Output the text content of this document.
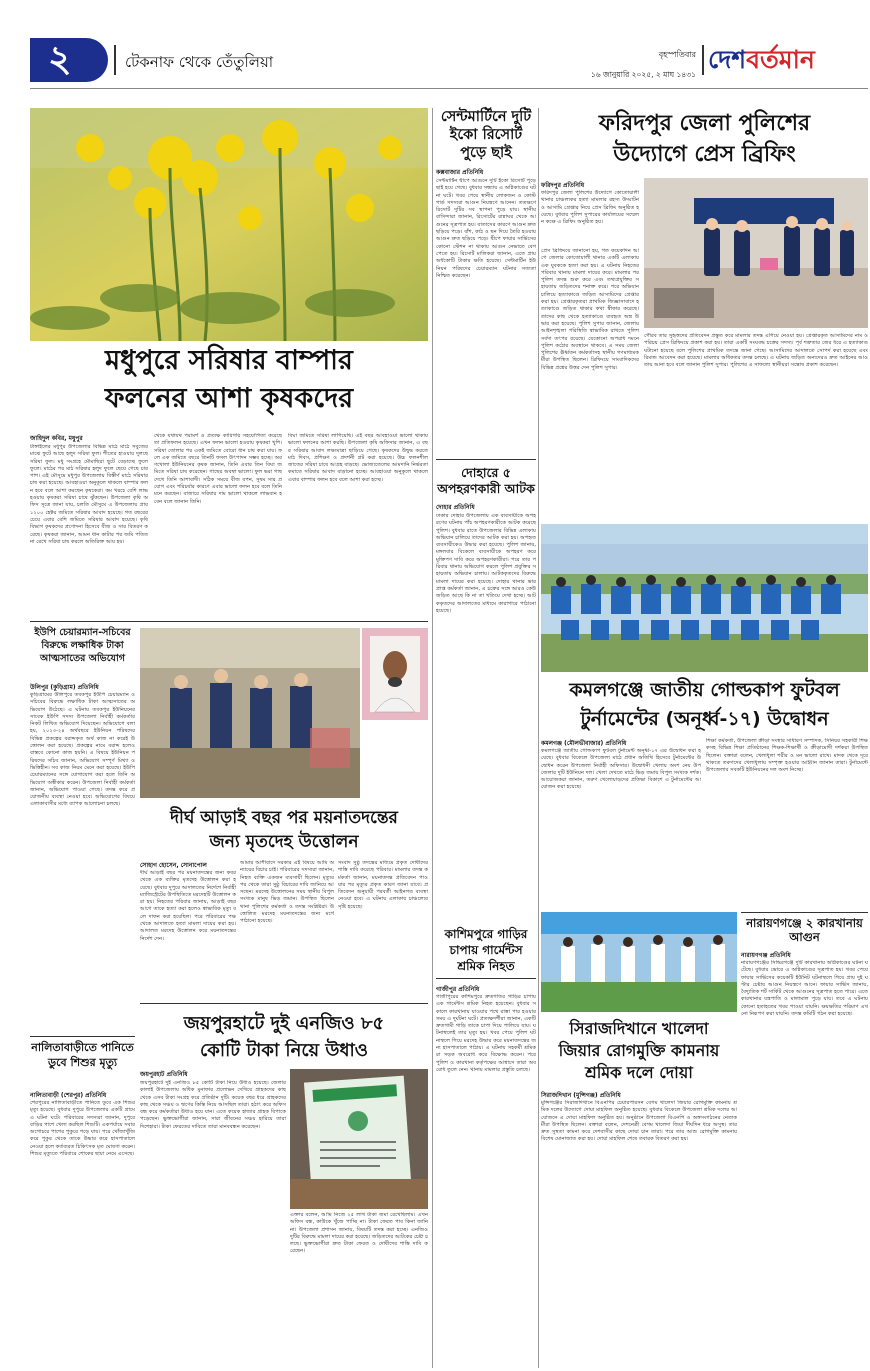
২	টেকনাফ থেকে তেঁতুলিয়া	বৃহস্পতিবার
১৬ জানুয়ারি ২০২৫, ২ মাঘ ১৪৩১
দেশবর্তমান
মধুপুরে সরিষার বাম্পার
ফলনের আশা কৃষকদের
জাহিদুল কবির, মধুপুর
টাঙ্গাইলের মধুপুর উপজেলার বিভিন্ন মাঠে মাঠে সবুজের মাঝে ফুটে আছে হলুদ সরিষা ফুল। শীতের হাওয়ায় দুলছে সরিষা ফুল। মধু সংগ্রহে মৌমাছিরা ছুটে বেড়াচ্ছে ফুলে ফুলে। মাঠের পর মাঠ সরিষার হলুদ ফুলে ছেয়ে গেছে চারপাশ। এই মৌসুমে মধুপুর উপজেলায় বিস্তীর্ণ মাঠে সরিষার চাষ করা হয়েছে। আবহাওয়া অনুকূলে থাকলে বাম্পার ফলন হবে বলে আশা করছেন কৃষকেরা। কম খরচে বেশি লাভ হওয়ায় কৃষকরা সরিষা চাষে ঝুঁকছেন। উপজেলা কৃষি অফিস সূত্রে জানা যায়, চলতি মৌসুমে এ উপজেলায় প্রায় ১২০০ হেক্টর জমিতে সরিষার আবাদ হয়েছে। গত বছরের চেয়ে এবার বেশি জমিতে সরিষার আবাদ হয়েছে। কৃষি বিভাগ কৃষকদের প্রণোদনা হিসেবে বীজ ও সার বিতরণ করেছে। কৃষকরা জানান, আমন ধান কাটার পর জমি পতিত না রেখে সরিষা চাষ করলে অতিরিক্ত আয় হয়।
থেকে যথাযথ পরামর্শ ও প্রত্যক্ষ কারিগরি সহযোগিতা করেছে তা প্রতিফলন হয়েছে। এখন ফলন ভালো হওয়ায় কৃষকরা খুশি। সরিষা তোলার পর একই জমিতে বোরো ধান চাষ করা যায়। ফলে এক জমিতে বছরে তিনটি ফসল উৎপাদন সম্ভব হচ্ছে। অরণখোলা ইউনিয়নের কৃষক জানান, তিনি এবার তিন বিঘা জমিতে সরিষা চাষ করেছেন। গাছের অবস্থা ভালো। ফুল ভরা গাছ দেখে তিনি আশাবাদী। সঠিক সময়ে বীজ বপন, সুষম সার প্রয়োগ এবং পরিচর্যার কারণে এবার ভালো ফলন হবে বলে তিনি মনে করছেন। বাজারে সরিষার দাম ভালো থাকলে লাভবান হবেন বলে জানান তিনি।
বিঘা জমিতে সরিষা লাগিয়েছি। এই বছর আবহাওয়া ভালো থাকায় ভালো ফলনের আশা করছি। উপজেলা কৃষি অফিসার জানান, এ বছর সরিষার আবাদ লক্ষ্যমাত্রা ছাড়িয়ে গেছে। কৃষকদের উদ্বুদ্ধ করতে মাঠ দিবস, প্রশিক্ষণ ও প্রদর্শনী প্লট করা হয়েছে। উচ্চ ফলনশীল জাতের সরিষা চাষে আগ্রহ বাড়ছে। ভোজ্যতেলের আমদানি নির্ভরতা কমাতে সরিষার আবাদ বাড়ানো হচ্ছে। আবহাওয়া অনুকূলে থাকলে এবার বাম্পার ফলন হবে বলে আশা করা হচ্ছে।
সেন্টমার্টিনে দুটি ইকো রিসোর্ট পুড়ে ছাই
কক্সবাজার প্রতিনিধি
সেন্টমার্টিন দ্বীপে আগুনে দুটি ইকো রিসোর্ট পুড়ে ছাই হয়ে গেছে। বুধবার সন্ধ্যায় এ অগ্নিকাণ্ডের ঘটনা ঘটে। খবর পেয়ে স্থানীয় লোকজন ও কোস্ট গার্ড সদস্যরা আগুন নিয়ন্ত্রণে আনেন। ততক্ষণে রিসোর্ট দুটির সব স্থাপনা পুড়ে যায়। স্থানীয় বাসিন্দারা জানান, রিসোর্টের রান্নাঘর থেকে আগুনের সূত্রপাত হয়। বাতাসের কারণে আগুন দ্রুত ছড়িয়ে পড়ে। বাঁশ, কাঠ ও ছন দিয়ে তৈরি হওয়ায় আগুন দ্রুত ছড়িয়ে পড়ে। দ্বীপে ফায়ার সার্ভিসের কোনো স্টেশন না থাকায় আগুন নেভাতে বেগ পেতে হয়। রিসোর্ট মালিকরা জানান, এতে প্রায় অর্ধকোটি টাকার ক্ষতি হয়েছে। সেন্টমার্টিন ইউনিয়ন পরিষদের চেয়ারম্যান ঘটনার সত্যতা নিশ্চিত করেছেন।
দোহারে ৫ অপহরণকারী আটক
দোহার প্রতিনিধি
ঢাকার দোহার উপজেলায় এক ব্যবসায়ীকে অপহরণের ঘটনায় পাঁচ অপহরণকারীকে আটক করেছে পুলিশ। বুধবার রাতে উপজেলার বিভিন্ন এলাকায় অভিযান চালিয়ে তাদের আটক করা হয়। অপহৃত ব্যবসায়ীকেও উদ্ধার করা হয়েছে। পুলিশ জানায়, মঙ্গলবার বিকেলে ব্যবসায়ীকে অপহরণ করে মুক্তিপণ দাবি করে অপহরণকারীরা। পরে তার পরিবার থানায় অভিযোগ করলে পুলিশ প্রযুক্তির সহায়তায় অভিযান চালায়। আটককৃতদের বিরুদ্ধে মামলা দায়ের করা হয়েছে। দোহার থানার ভারপ্রাপ্ত কর্মকর্তা জানান, এ চক্রের সঙ্গে আরও কেউ জড়িত আছে কি না তা খতিয়ে দেখা হচ্ছে। আটককৃতদের আদালতের মাধ্যমে কারাগারে পাঠানো হয়েছে।
ফরিদপুর জেলা পুলিশের
উদ্যোগে প্রেস ব্রিফিং
ফরিদপুর প্রতিনিধি
ফরিদপুর জেলা পুলিশের উদ্যোগে কোতোয়ালী থানার চাঞ্চল্যকর হত্যা মামলার রহস্য উদ্ঘাটন ও আসামি গ্রেপ্তার নিয়ে প্রেস ব্রিফিং অনুষ্ঠিত হয়েছে। বুধবার পুলিশ সুপারের কার্যালয়ের সম্মেলন কক্ষে এ ব্রিফিং অনুষ্ঠিত হয়।
প্রেস ব্রিফিংয়ে জানানো হয়, গত কয়েকদিন আগে জেলার কোতোয়ালী থানার একটি এলাকায় এক যুবককে হত্যা করা হয়। এ ঘটনায় নিহতের পরিবার থানায় মামলা দায়ের করে। মামলার পর পুলিশ তদন্ত শুরু করে এবং তথ্যপ্রযুক্তির সহায়তায় জড়িতদের শনাক্ত করে। পরে অভিযান চালিয়ে হত্যাকাণ্ডে জড়িত আসামিদের গ্রেপ্তার করা হয়। গ্রেপ্তারকৃতরা প্রাথমিক জিজ্ঞাসাবাদে হত্যাকাণ্ডে জড়িত থাকার কথা স্বীকার করেছে। তাদের কাছ থেকে হত্যাকাণ্ডে ব্যবহৃত অস্ত্র উদ্ধার করা হয়েছে। পুলিশ সুপার জানান, জেলায় আইনশৃঙ্খলা পরিস্থিতি স্বাভাবিক রাখতে পুলিশ সর্বদা তৎপর রয়েছে। যেকোনো অপরাধ দমনে পুলিশ কঠোর অবস্থানে থাকবে। এ সময় জেলা পুলিশের ঊর্ধ্বতন কর্মকর্তাসহ স্থানীয় গণমাধ্যমকর্মীরা উপস্থিত ছিলেন। ব্রিফিংয়ে সাংবাদিকদের বিভিন্ন প্রশ্নের উত্তর দেন পুলিশ সুপার।
গৌরব তার সুহৃত্তদের প্রতিবেদন প্রস্তুত করে মামলার তদন্ত এগিয়ে নেওয়া হয়। গ্রেপ্তারকৃত আসামিদের নাম ও পরিচয় প্রেস ব্রিফিংয়ে প্রকাশ করা হয়। তারা একটি সংঘবদ্ধ চক্রের সদস্য। পূর্ব শত্রুতার জের ধরে এ হত্যাকাণ্ড ঘটানো হয়েছে বলে পুলিশের প্রাথমিক তদন্তে জানা গেছে। আসামিদের আদালতে সোপর্দ করা হয়েছে এবং রিমান্ড আবেদন করা হয়েছে। মামলার অধিকতর তদন্ত চলছে। এ ঘটনায় জড়িত অন্যদেরও দ্রুত আইনের আওতায় আনা হবে বলে জানান পুলিশ সুপার। পুলিশের এ সাফল্যে স্থানীয়রা সন্তোষ প্রকাশ করেছেন।
কমলগঞ্জে জাতীয় গোল্ডকাপ ফুটবল
টুর্নামেন্টের (অনূর্ধ্ব-১৭) উদ্বোধন
কমলগঞ্জ (মৌলভীবাজার) প্রতিনিধি
কমলগঞ্জে জাতীয় গোল্ডকাপ ফুটবল টুর্নামেন্ট অনূর্ধ্ব-১৭ এর উদ্বোধন করা হয়েছে। বুধবার বিকেলে উপজেলা মাঠে প্রধান অতিথি হিসেবে টুর্নামেন্টের উদ্বোধন করেন উপজেলা নির্বাহী অফিসার। উদ্বোধনী খেলায় অংশ নেয় উপজেলার দুটি ইউনিয়ন দল। খেলা দেখতে মাঠে ভিড় জমায় বিপুল সংখ্যক দর্শক। আয়োজকরা জানান, তরুণ খেলোয়াড়দের প্রতিভা বিকাশে এ টুর্নামেন্টের আয়োজন করা হয়েছে।
শিক্ষা কর্মকর্তা, উপজেলা ক্রীড়া সংস্থার সাধারণ সম্পাদক, সিনিয়র সহকারী শিক্ষকসহ বিভিন্ন শিক্ষা প্রতিষ্ঠানের শিক্ষক-শিক্ষার্থী ও ক্রীড়ামোদী দর্শকরা উপস্থিত ছিলেন। বক্তারা বলেন, খেলাধুলা শরীর ও মন ভালো রাখে। মাদক থেকে দূরে থাকতে তরুণদের খেলাধুলায় সম্পৃক্ত হওয়ার আহ্বান জানান তারা। টুর্নামেন্টে উপজেলার সবকটি ইউনিয়নের দল অংশ নিচ্ছে।
নারায়ণগঞ্জে ২ কারখানায় আগুন
নারায়ণগঞ্জ প্রতিনিধি
নারায়ণগঞ্জের সিদ্ধিরগঞ্জে দুটি কারখানায় অগ্নিকাণ্ডের ঘটনা ঘটেছে। বুধবার ভোরে এ অগ্নিকাণ্ডের সূত্রপাত হয়। খবর পেয়ে ফায়ার সার্ভিসের কয়েকটি ইউনিট ঘটনাস্থলে গিয়ে প্রায় দুই ঘণ্টার চেষ্টায় আগুন নিয়ন্ত্রণে আনে। ফায়ার সার্ভিস জানায়, বৈদ্যুতিক শর্ট সার্কিট থেকে আগুনের সূত্রপাত হতে পারে। এতে কারখানার যন্ত্রপাতি ও মালামাল পুড়ে যায়। তবে এ ঘটনায় কোনো হতাহতের খবর পাওয়া যায়নি। ক্ষয়ক্ষতির পরিমাণ এখনো নিরূপণ করা যায়নি। তদন্ত কমিটি গঠন করা হয়েছে।
সিরাজদিখানে খালেদা
জিয়ার রোগমুক্তি কামনায়
শ্রমিক দলে দোয়া
সিরাজদিখান (মুন্সিগঞ্জ) প্রতিনিধি
মুন্সিগঞ্জের সিরাজদিখানে বিএনপির চেয়ারপারসন বেগম খালেদা জিয়ার রোগমুক্তি কামনায় শ্রমিক দলের উদ্যোগে দোয়া মাহফিল অনুষ্ঠিত হয়েছে। বুধবার বিকেলে উপজেলা শ্রমিক দলের আয়োজনে এ দোয়া মাহফিল অনুষ্ঠিত হয়। অনুষ্ঠানে উপজেলা বিএনপি ও অঙ্গসংগঠনের নেতাকর্মীরা উপস্থিত ছিলেন। বক্তারা বলেন, দেশনেত্রী বেগম খালেদা জিয়া দীর্ঘদিন ধরে অসুস্থ। তার দ্রুত সুস্থতা কামনা করে দেশবাসীর কাছে দোয়া চান তারা। পরে তার আশু রোগমুক্তি কামনায় বিশেষ মোনাজাত করা হয়। দোয়া মাহফিল শেষে তবারক বিতরণ করা হয়।
ইউপি চেয়ারম্যান-সচিবের বিরুদ্ধে লক্ষাধিক টাকা আত্মসাতের অভিযোগ
উলিপুর (কুড়িগ্রাম) প্রতিনিধি
কুড়িগ্রামের উলিপুরে তবকপুর ইউপি চেয়ারম্যান ও সচিবের বিরুদ্ধে লক্ষাধিক টাকা আত্মসাতের অভিযোগ উঠেছে। এ ঘটনায় তবকপুর ইউনিয়নের সাবেক ইউপি সদস্য উপজেলা নির্বাহী কর্মকর্তার নিকট লিখিত অভিযোগ দিয়েছেন। অভিযোগে বলা হয়, ২০২৩-২৪ অর্থবছরে ইউনিয়ন পরিষদের বিভিন্ন প্রকল্পের বরাদ্দকৃত অর্থ কাজ না করেই উত্তোলন করা হয়েছে। প্রকল্পের নামে বরাদ্দ হলেও বাস্তবে কোনো কাজ হয়নি। এ বিষয়ে ইউনিয়ন পরিষদের সচিব জানান, অভিযোগ সম্পূর্ণ মিথ্যা ও ভিত্তিহীন। সব কাজ নিয়ম মেনে করা হয়েছে। ইউপি চেয়ারম্যানের সঙ্গে যোগাযোগ করা হলে তিনি অভিযোগ অস্বীকার করেন। উপজেলা নির্বাহী কর্মকর্তা জানান, অভিযোগ পাওয়া গেছে। তদন্ত করে প্রয়োজনীয় ব্যবস্থা নেওয়া হবে। অভিযোগের বিষয়ে এলাকাবাসীর মধ্যে ব্যাপক আলোচনা চলছে।
দীর্ঘ আড়াই বছর পর ময়নাতদন্তের
জন্য মৃতদেহ উত্তোলন
সোহাগ হোসেন, সোনাপোল
দীর্ঘ আড়াই বছর পর ময়নাতদন্তের জন্য কবর থেকে এক ব্যক্তির মৃতদেহ উত্তোলন করা হয়েছে। বুধবার দুপুরে আদালতের নির্দেশে নির্বাহী ম্যাজিস্ট্রেটের উপস্থিতিতে মরদেহটি উত্তোলন করা হয়। নিহতের পরিবার জানায়, আড়াই বছর আগে তাকে হত্যা করা হলেও স্বাভাবিক মৃত্যু বলে দাফন করা হয়েছিল। পরে পরিবারের পক্ষ থেকে আদালতে হত্যা মামলা দায়ের করা হয়। আদালত মরদেহ উত্তোলন করে ময়নাতদন্তের নির্দেশ দেন।
আমার আশীবাদে সরকার এই বিষয়ে আমি অন্যায়ের বিচার চাই। পরিবারের সদস্যরা জানান, নিহত ব্যক্তি একজন ব্যবসায়ী ছিলেন। মৃত্যুর পর থেকে তারা সুষ্ঠু বিচারের দাবি জানিয়ে আসছেন। মরদেহ উত্তোলনের সময় স্থানীয় বিপুল সংখ্যক মানুষ ভিড় জমান। উপস্থিত ছিলেন থানা পুলিশের কর্মকর্তা ও তদন্ত সংশ্লিষ্টরা। উত্তোলিত মরদেহ ময়নাতদন্তের জন্য মর্গে পাঠানো হয়েছে।
সংবাদ সুষ্ঠু তদন্তের মাধ্যমে প্রকৃত দোষীদের শাস্তি দাবি করেছে পরিবার। মামলার তদন্ত কর্মকর্তা জানান, ময়নাতদন্ত প্রতিবেদন পাওয়ার পর মৃত্যুর প্রকৃত কারণ জানা যাবে। প্রতিবেদন অনুযায়ী পরবর্তী আইনগত ব্যবস্থা নেওয়া হবে। এ ঘটনায় এলাকায় চাঞ্চল্যের সৃষ্টি হয়েছে।
কাশিমপুরে গাড়ির চাপায় গার্মেন্টস শ্রমিক নিহত
গাজীপুর প্রতিনিধি
গাজীপুরের কাশিমপুরে দ্রুতগতির গাড়ির চাপায় এক গার্মেন্টস শ্রমিক নিহত হয়েছেন। বুধবার সকালে কারখানায় যাওয়ার পথে রাস্তা পার হওয়ার সময় এ দুর্ঘটনা ঘটে। প্রত্যক্ষদর্শীরা জানান, একটি দ্রুতগামী গাড়ি তাকে চাপা দিয়ে পালিয়ে যায়। ঘটনাস্থলেই তার মৃত্যু হয়। খবর পেয়ে পুলিশ ঘটনাস্থলে গিয়ে মরদেহ উদ্ধার করে ময়নাতদন্তের জন্য হাসপাতালে পাঠায়। এ ঘটনায় সহকর্মী শ্রমিকরা সড়ক অবরোধ করে বিক্ষোভ করেন। পরে পুলিশ ও কারখানা কর্তৃপক্ষের আশ্বাসে তারা অবরোধ তুলে নেন। থানায় মামলার প্রস্তুতি চলছে।
জয়পুরহাটে দুই এনজিও ৮৫
কোটি টাকা নিয়ে উধাও
জয়পুরহাট প্রতিনিধি
জয়পুরহাটে দুই এনজিও ৮৫ কোটি টাকা নিয়ে উধাও হয়েছে। জেলার কালাই উপজেলায় অধিক মুনাফার প্রলোভন দেখিয়ে গ্রাহকদের কাছ থেকে এসব টাকা সংগ্রহ করে প্রতিষ্ঠান দুটি। কয়েক বছর ধরে গ্রাহকদের কাছ থেকে সঞ্চয় ও ঋণের কিস্তি নিয়ে আসছিল তারা। হঠাৎ করে অফিস বন্ধ করে কর্মকর্তারা উধাও হয়ে যান। এতে কয়েক হাজার গ্রাহক বিপাকে পড়েছেন। ভুক্তভোগীরা জানান, সারা জীবনের সঞ্চয় হারিয়ে তারা দিশেহারা। টাকা ফেরতের দাবিতে তারা মানববন্ধন করেছেন।
এক্তার বলেন, আমি নিজে ২৫ লাখ টাকা জমা রেখেছিলাম। এখন অফিস বন্ধ, কাউকে খুঁজে পাচ্ছি না। টাকা ফেরত পাব কিনা জানি না। উপজেলা প্রশাসন জানায়, বিষয়টি তদন্ত করা হচ্ছে। এনজিও দুটির বিরুদ্ধে মামলা দায়ের করা হয়েছে। জড়িতদের আটকের চেষ্টা চলছে। ভুক্তভোগীরা দ্রুত টাকা ফেরত ও দোষীদের শাস্তি দাবি করেছেন।
নালিতাবাড়ীতে পানিতে ডুবে শিশুর মৃত্যু
নালিতাবাড়ী (শেরপুর) প্রতিনিধি
শেরপুরের নালিতাবাড়ীতে পানিতে ডুবে এক শিশুর মৃত্যু হয়েছে। বুধবার দুপুরে উপজেলার একটি গ্রামে এ ঘটনা ঘটে। পরিবারের সদস্যরা জানান, দুপুরে বাড়ির পাশে খেলা করছিল শিশুটি। একপর্যায়ে সবার অগোচরে পাশের পুকুরে পড়ে যায়। পরে খোঁজাখুঁজি করে পুকুর থেকে তাকে উদ্ধার করে হাসপাতালে নেওয়া হলে কর্তব্যরত চিকিৎসক মৃত ঘোষণা করেন। শিশুর মৃত্যুতে পরিবারে শোকের ছায়া নেমে এসেছে।
